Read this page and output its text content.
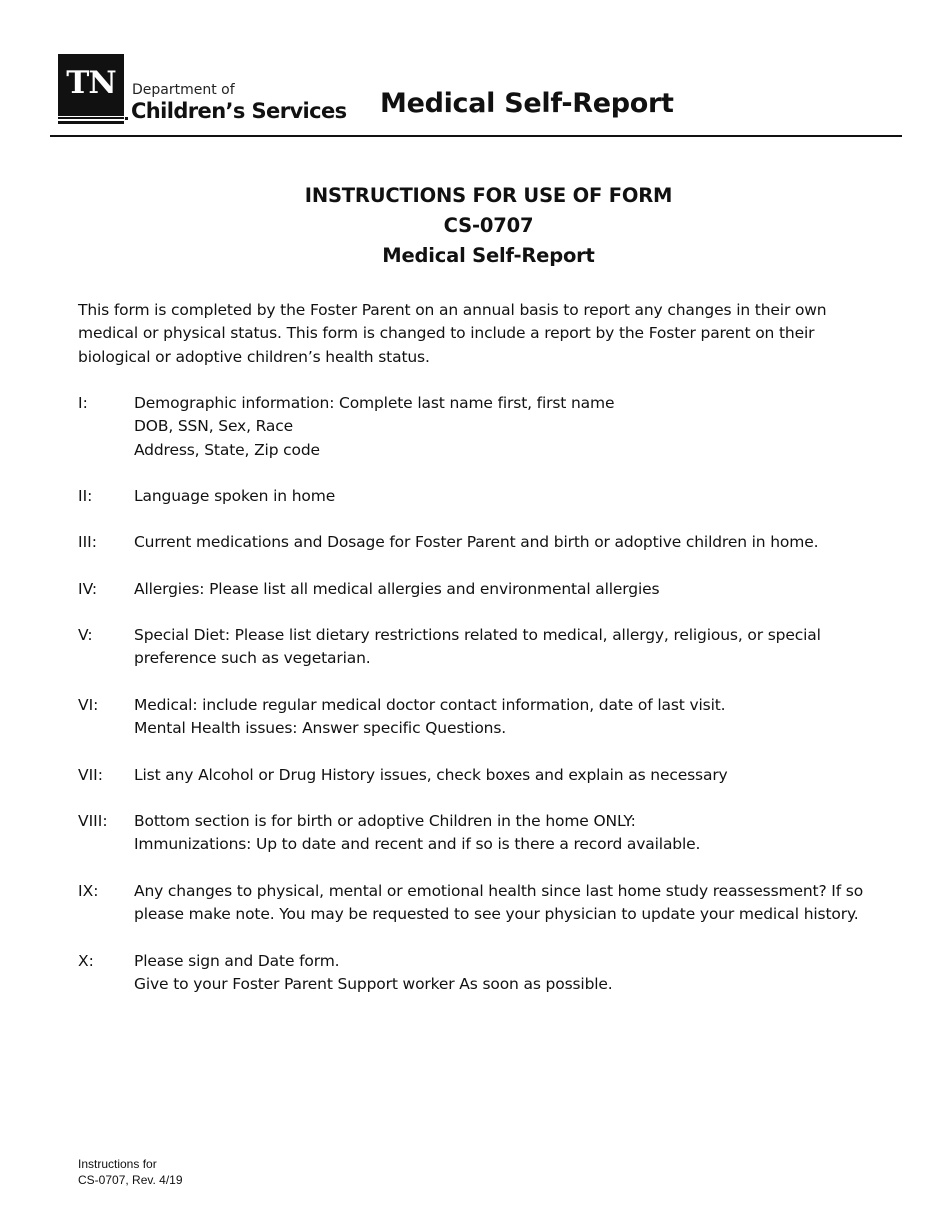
TN Department of
Children’s Services Medical Self-Report
INSTRUCTIONS FOR USE OF FORM
CS-0707
Medical Self-Report
This form is completed by the Foster Parent on an annual basis to report any changes in their own
medical or physical status. This form is changed to include a report by the Foster parent on their
biological or adoptive children’s health status.
I:	Demographic information: Complete last name first, first name
DOB, SSN, Sex, Race
Address, State, Zip code
II:	Language spoken in home
III: Current medications and Dosage for Foster Parent and birth or adoptive children in home.
IV: Allergies: Please list all medical allergies and environmental allergies
V:	Special Diet: Please list dietary restrictions related to medical, allergy, religious, or special
preference such as vegetarian.
VI: Medical: include regular medical doctor contact information, date of last visit.
Mental Health issues: Answer specific Questions.
VII: List any Alcohol or Drug History issues, check boxes and explain as necessary
VIII: Bottom section is for birth or adoptive Children in the home ONLY:
Immunizations: Up to date and recent and if so is there a record available.
IX: Any changes to physical, mental or emotional health since last home study reassessment? If so
please make note. You may be requested to see your physician to update your medical history.
X:	Please sign and Date form.
Give to your Foster Parent Support worker As soon as possible.
Instructions for
CS-0707, Rev. 4/19
